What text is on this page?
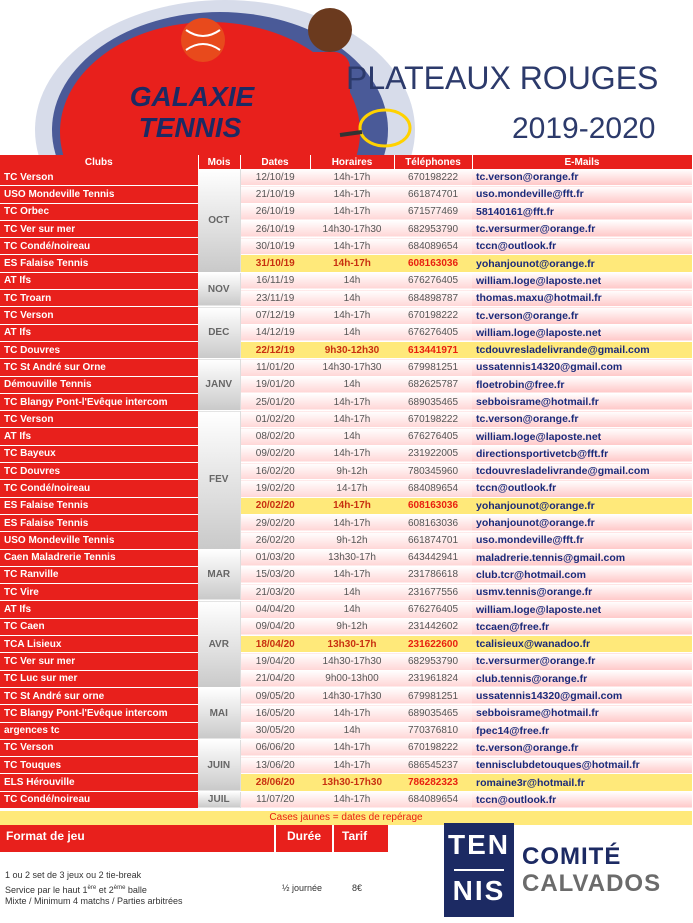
GALAXIE
TENNIS
PLATEAUX ROUGES
2019-2020
Clubs	Mois	Dates	Horaires	Téléphones	E-Mails
TC Verson	OCT	12/10/19	14h-17h	670198222	tc.verson@orange.fr
USO Mondeville Tennis		21/10/19	14h-17h	661874701	uso.mondeville@fft.fr
TC Orbec		26/10/19	14h-17h	671577469	58140161@fft.fr
TC Ver sur mer		26/10/19	14h30-17h30	682953790	tc.versurmer@orange.fr
TC Condé/noireau		30/10/19	14h-17h	684089654	tccn@outlook.fr
ES Falaise Tennis		31/10/19	14h-17h	608163036	yohanjounot@orange.fr
AT Ifs	NOV	16/11/19	14h	676276405	william.loge@laposte.net
TC Troarn		23/11/19	14h	684898787	thomas.maxu@hotmail.fr
TC Verson	DEC	07/12/19	14h-17h	670198222	tc.verson@orange.fr
AT Ifs		14/12/19	14h	676276405	william.loge@laposte.net
TC Douvres		22/12/19	9h30-12h30	613441971	tcdouvresladelivrande@gmail.com
TC St André sur Orne	JANV	11/01/20	14h30-17h30	679981251	ussatennis14320@gmail.com
Démouville Tennis		19/01/20	14h	682625787	floetrobin@free.fr
TC Blangy Pont-l'Evêque intercom		25/01/20	14h-17h	689035465	sebboisrame@hotmail.fr
TC Verson	FEV	01/02/20	14h-17h	670198222	tc.verson@orange.fr
AT Ifs		08/02/20	14h	676276405	william.loge@laposte.net
TC Bayeux		09/02/20	14h-17h	231922005	directionsportivetcb@fft.fr
TC Douvres		16/02/20	9h-12h	780345960	tcdouvresladelivrande@gmail.com
TC Condé/noireau		19/02/20	14-17h	684089654	tccn@outlook.fr
ES Falaise Tennis		20/02/20	14h-17h	608163036	yohanjounot@orange.fr
ES Falaise Tennis		29/02/20	14h-17h	608163036	yohanjounot@orange.fr
USO Mondeville Tennis		26/02/20	9h-12h	661874701	uso.mondeville@fft.fr
Caen Maladrerie Tennis	MAR	01/03/20	13h30-17h	643442941	maladrerie.tennis@gmail.com
TC Ranville		15/03/20	14h-17h	231786618	club.tcr@hotmail.com
TC Vire		21/03/20	14h	231677556	usmv.tennis@orange.fr
AT Ifs	AVR	04/04/20	14h	676276405	william.loge@laposte.net
TC Caen		09/04/20	9h-12h	231442602	tccaen@free.fr
TCA Lisieux		18/04/20	13h30-17h	231622600	tcalisieux@wanadoo.fr
TC Ver sur mer		19/04/20	14h30-17h30	682953790	tc.versurmer@orange.fr
TC Luc sur mer		21/04/20	9h00-13h00	231961824	club.tennis@orange.fr
TC St André sur orne	MAI	09/05/20	14h30-17h30	679981251	ussatennis14320@gmail.com
TC Blangy Pont-l'Evêque intercom		16/05/20	14h-17h	689035465	sebboisrame@hotmail.fr
argences tc		30/05/20	14h	770376810	fpec14@free.fr
TC Verson	JUIN	06/06/20	14h-17h	670198222	tc.verson@orange.fr
TC Touques		13/06/20	14h-17h	686545237	tennisclubdetouques@hotmail.fr
ELS Hérouville		28/06/20	13h30-17h30	786282323	romaine3r@hotmail.fr
TC Condé/noireau	JUIL	11/07/20	14h-17h	684089654	tccn@outlook.fr
Cases jaunes = dates de repérage
Format de jeu	Durée	Tarif
1 ou 2 set de 3 jeux ou 2 tie-break
Service par le haut 1ère et 2ème balle
Mixte / Minimum 4 matchs / Parties arbitrées
½ journée	8€
TEN
NIS
COMITÉ
CALVADOS
